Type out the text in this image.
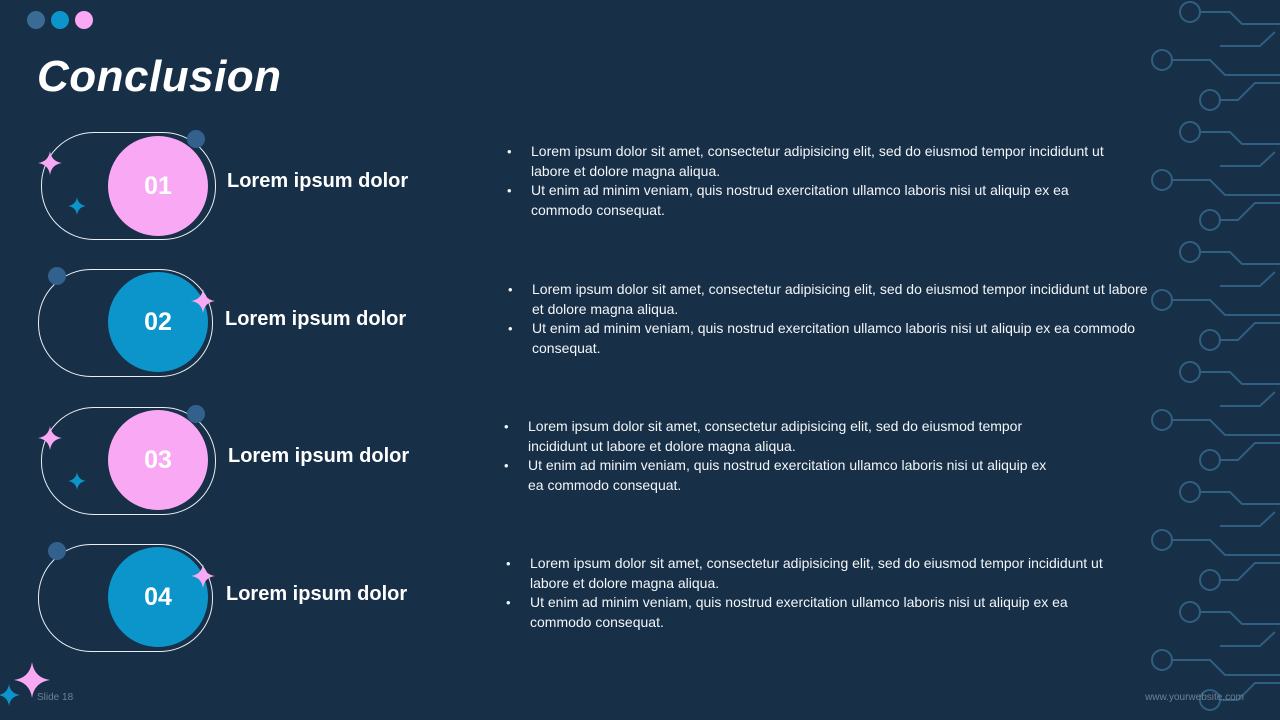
Conclusion
01	Lorem ipsum dolor
• Lorem ipsum dolor sit amet, consectetur adipisicing elit, sed do eiusmod tempor incididunt ut labore et dolore magna aliqua.
• Ut enim ad minim veniam, quis nostrud exercitation ullamco laboris nisi ut aliquip ex ea commodo consequat.
02	Lorem ipsum dolor
• Lorem ipsum dolor sit amet, consectetur adipisicing elit, sed do eiusmod tempor incididunt ut labore et dolore magna aliqua.
• Ut enim ad minim veniam, quis nostrud exercitation ullamco laboris nisi ut aliquip ex ea commodo consequat.
03	Lorem ipsum dolor
• Lorem ipsum dolor sit amet, consectetur adipisicing elit, sed do eiusmod tempor incididunt ut labore et dolore magna aliqua.
• Ut enim ad minim veniam, quis nostrud exercitation ullamco laboris nisi ut aliquip ex ea commodo consequat.
04	Lorem ipsum dolor
• Lorem ipsum dolor sit amet, consectetur adipisicing elit, sed do eiusmod tempor incididunt ut labore et dolore magna aliqua.
• Ut enim ad minim veniam, quis nostrud exercitation ullamco laboris nisi ut aliquip ex ea commodo consequat.
Slide 18	www.yourwebsite.com
